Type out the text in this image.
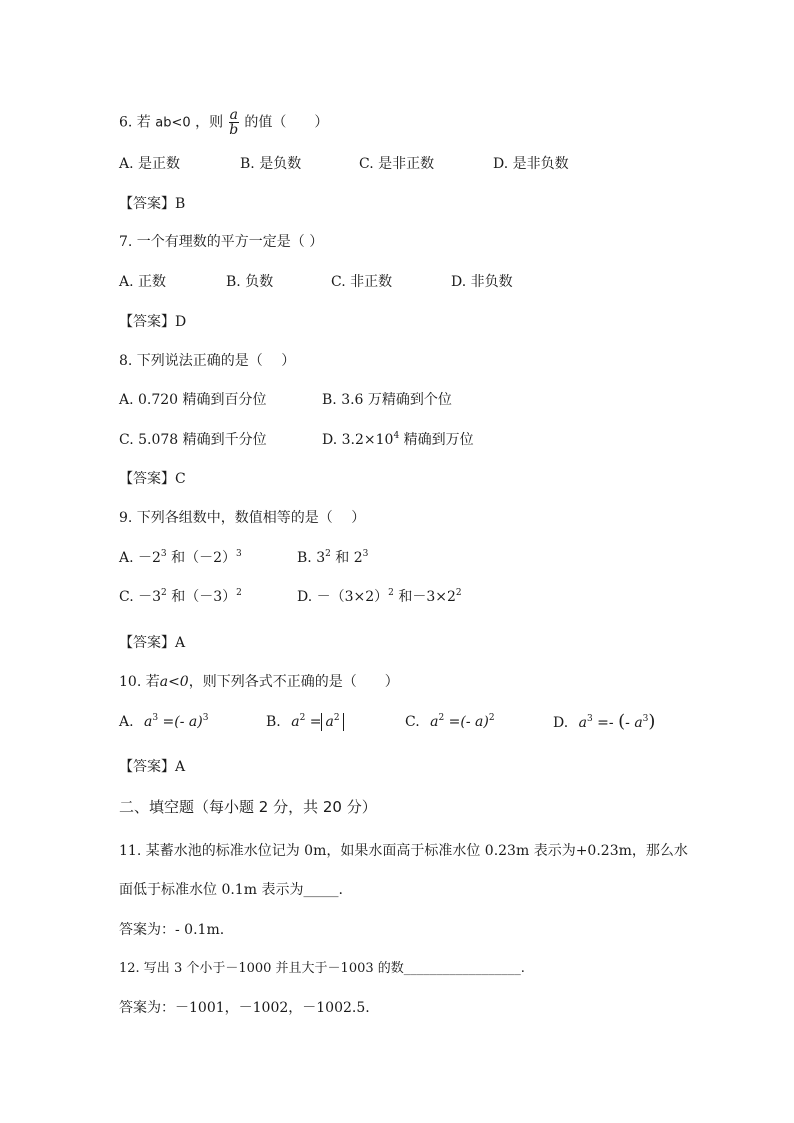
6. 若 ab<0 ，则 $\frac{a}{b}$ 的值（　　）
A. 是正数	B. 是负数	C. 是非正数	D. 是非负数
【答案】B
7. 一个有理数的平方一定是（ ）
A. 正数	B. 负数	C. 非正数	D. 非负数
【答案】D
8. 下列说法正确的是（　 ）
A. 0.720 精确到百分位	B. 3.6 万精确到个位
C. 5.078 精确到千分位	D. $3.2\times 10^4$ 精确到万位
【答案】C
9. 下列各组数中，数值相等的是（　 ）
A. $-2^3$ 和$(-2)^3$	B. $3^2$ 和 $2^3$
C. $-3^2$ 和$(-3)^2$	D. $-(3\times 2)^2$ 和$-3\times 2^2$
【答案】A
10. 若a<0，则下列各式不正确的是（　　）
A. $a^3$ =(- a)$^3$	B. $a^2 = a^2$	C. $a^2$ =(- a)$^2$	D. $a^3$ =- (- $a^3$)
【答案】A
二、填空题（每小题 2 分，共 20 分）
11. 某蓄水池的标准水位记为 0m，如果水面高于标准水位 0.23m 表示为+0.23m，那么水
面低于标准水位 0.1m 表示为_____.
答案为：- 0.1m.
12. 写出 3 个小于－1000 并且大于－1003 的数__________________.
答案为：－1001，－1002，－1002.5.
